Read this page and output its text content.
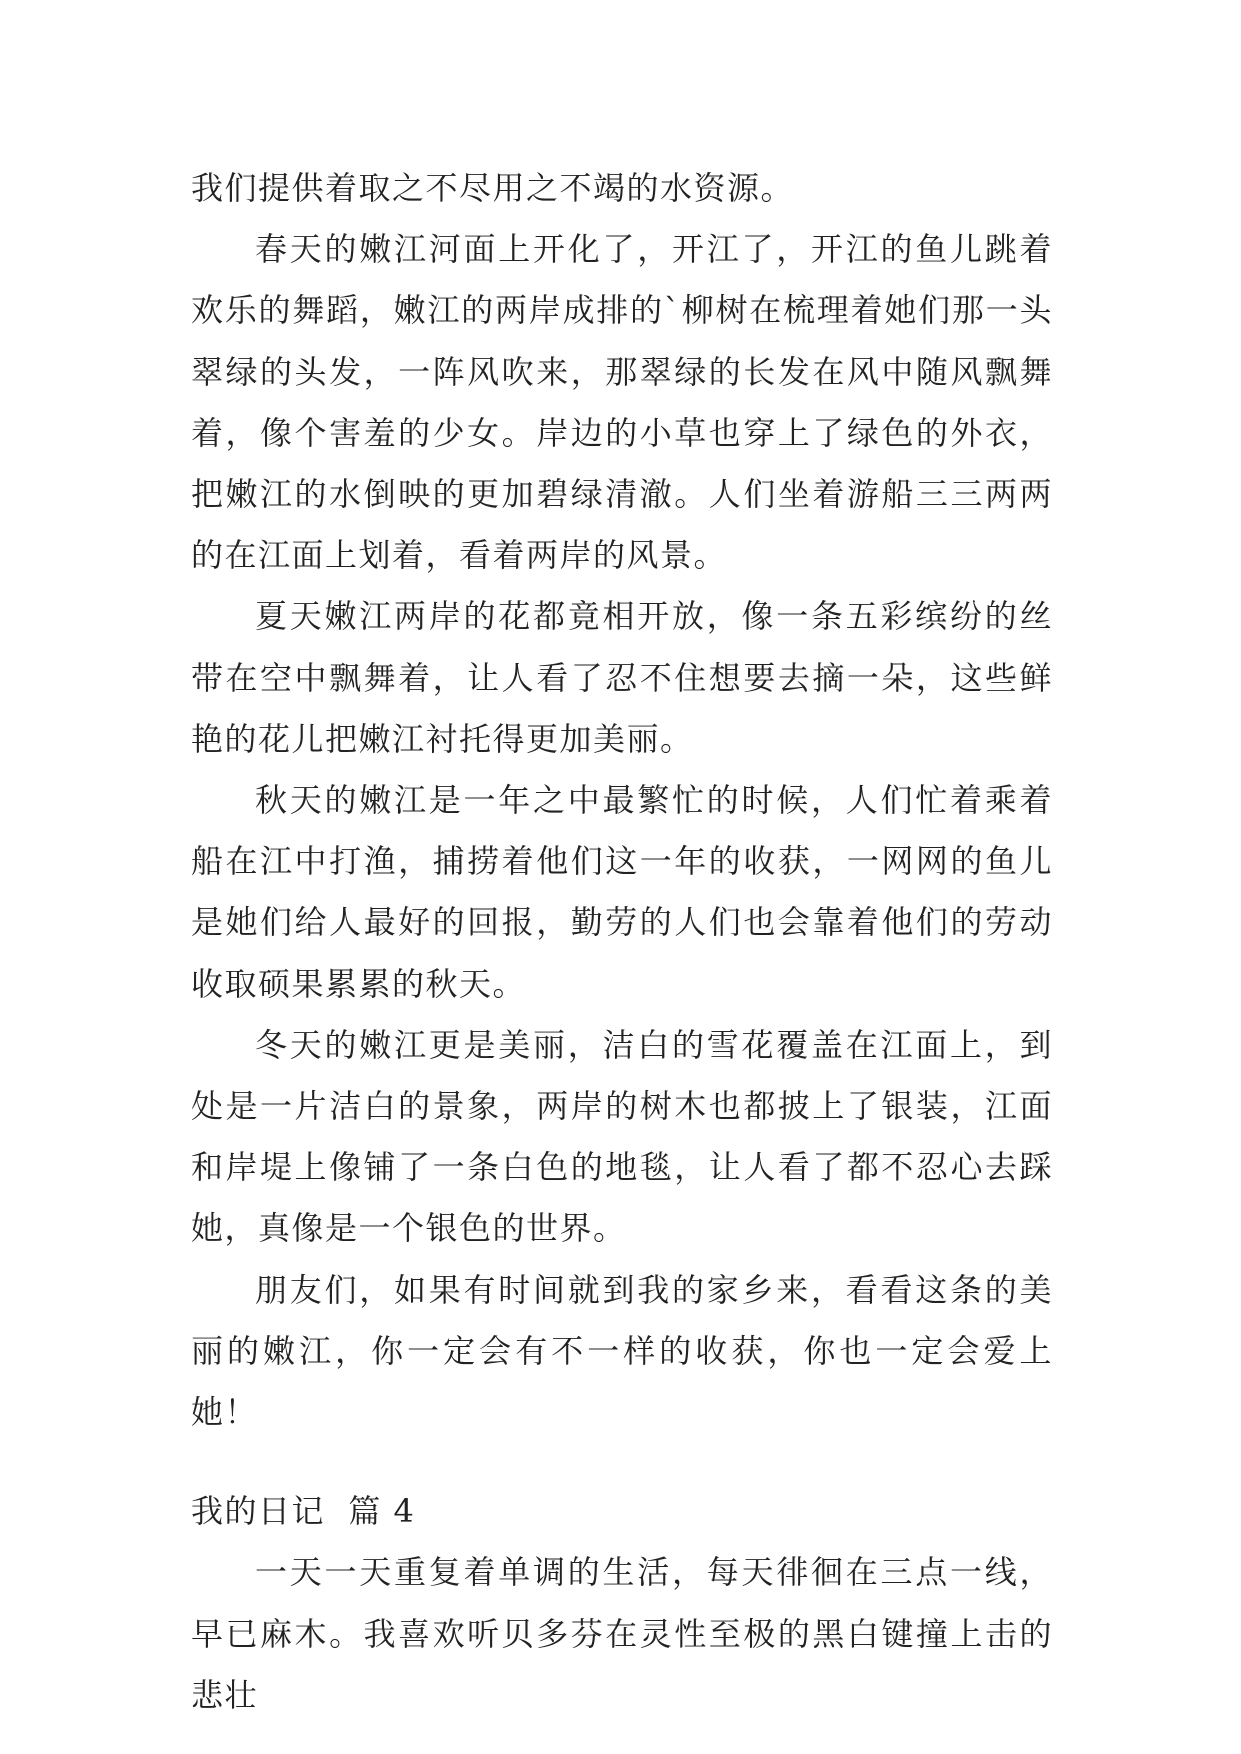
我们提供着取之不尽用之不竭的水资源。

春天的嫩江河面上开化了，开江了，开江的鱼儿跳着欢乐的舞蹈，嫩江的两岸成排的`柳树在梳理着她们那一头翠绿的头发，一阵风吹来，那翠绿的长发在风中随风飘舞着，像个害羞的少女。岸边的小草也穿上了绿色的外衣，把嫩江的水倒映的更加碧绿清澈。人们坐着游船三三两两的在江面上划着，看着两岸的风景。

夏天嫩江两岸的花都竟相开放，像一条五彩缤纷的丝带在空中飘舞着，让人看了忍不住想要去摘一朵，这些鲜艳的花儿把嫩江衬托得更加美丽。

秋天的嫩江是一年之中最繁忙的时候，人们忙着乘着船在江中打渔，捕捞着他们这一年的收获，一网网的鱼儿是她们给人最好的回报，勤劳的人们也会靠着他们的劳动收取硕果累累的秋天。

冬天的嫩江更是美丽，洁白的雪花覆盖在江面上，到处是一片洁白的景象，两岸的树木也都披上了银装，江面和岸堤上像铺了一条白色的地毯，让人看了都不忍心去踩她，真像是一个银色的世界。

朋友们，如果有时间就到我的家乡来，看看这条的美丽的嫩江，你一定会有不一样的收获，你也一定会爱上她！

我的日记  篇 4

一天一天重复着单调的生活，每天徘徊在三点一线，早已麻木。我喜欢听贝多芬在灵性至极的黑白键撞上击的悲壮
